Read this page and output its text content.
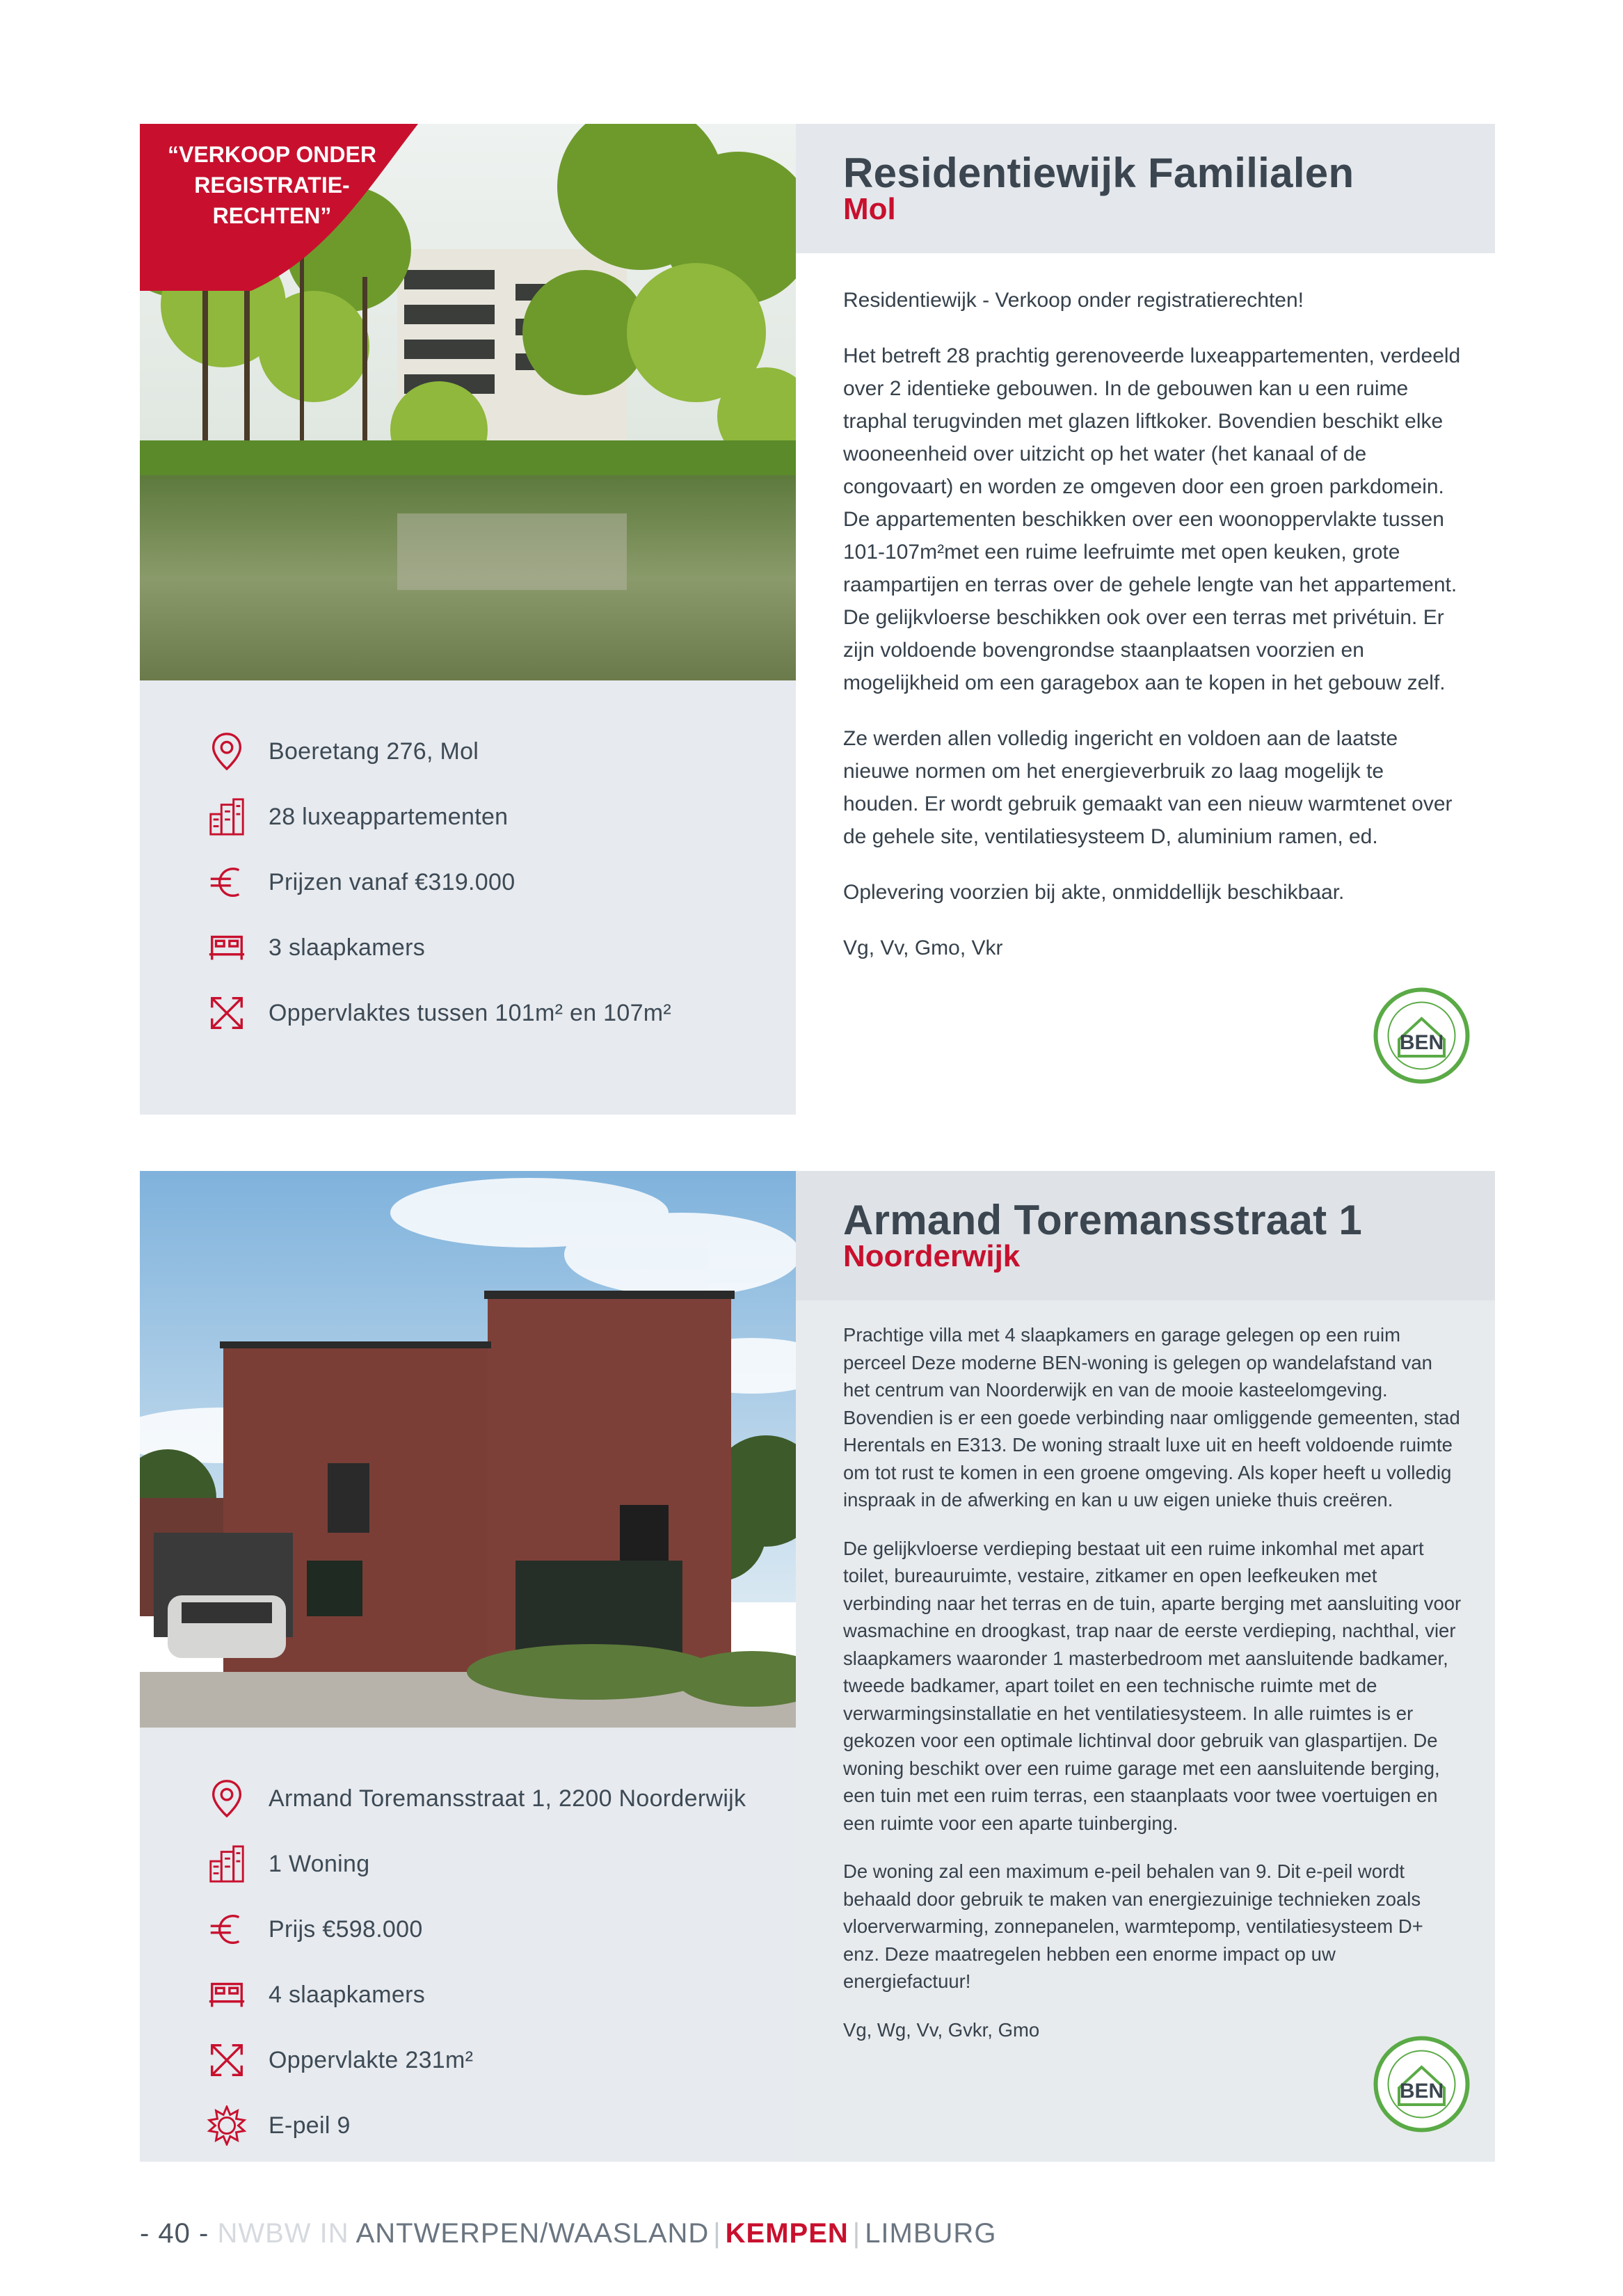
“VERKOOP ONDER REGISTRATIE-RECHTEN”
Boeretang 276, Mol
28 luxeappartementen
Prijzen vanaf €319.000
3 slaapkamers
Oppervlaktes tussen 101m² en 107m²
Residentiewijk Familialen
Mol

Residentiewijk - Verkoop onder registratierechten!

Het betreft 28 prachtig gerenoveerde luxeappartementen, verdeeld over 2 identieke gebouwen. In de gebouwen kan u een ruime traphal terugvinden met glazen liftkoker. Bovendien beschikt elke wooneenheid over uitzicht op het water (het kanaal of de congovaart) en worden ze omgeven door een groen parkdomein. De appartementen beschikken over een woonoppervlakte tussen 101-107m²met een ruime leefruimte met open keuken, grote raampartijen en terras over de gehele lengte van het appartement. De gelijkvloerse beschikken ook over een terras met privétuin. Er zijn voldoende bovengrondse staanplaatsen voorzien en mogelijkheid om een garagebox aan te kopen in het gebouw zelf.

Ze werden allen volledig ingericht en voldoen aan de laatste nieuwe normen om het energieverbruik zo laag mogelijk te houden. Er wordt gebruik gemaakt van een nieuw warmtenet over de gehele site, ventilatiesysteem D, aluminium ramen, ed.

Oplevering voorzien bij akte, onmiddellijk beschikbaar.

Vg, Vv, Gmo, Vkr

BEN
Armand Toremansstraat 1, 2200 Noorderwijk
1 Woning
Prijs €598.000
4 slaapkamers
Oppervlakte 231m²
E-peil 9
Armand Toremansstraat 1
Noorderwijk

Prachtige villa met 4 slaapkamers en garage gelegen op een ruim perceel Deze moderne BEN-woning is gelegen op wandelafstand van het centrum van Noorderwijk en van de mooie kasteelomgeving. Bovendien is er een goede verbinding naar omliggende gemeenten, stad Herentals en E313. De woning straalt luxe uit en heeft voldoende ruimte om tot rust te komen in een groene omgeving. Als koper heeft u volledig inspraak in de afwerking en kan u uw eigen unieke thuis creëren.

De gelijkvloerse verdieping bestaat uit een ruime inkomhal met apart toilet, bureauruimte, vestaire, zitkamer en open leefkeuken met verbinding naar het terras en de tuin, aparte berging met aansluiting voor wasmachine en droogkast, trap naar de eerste verdieping, nachthal, vier slaapkamers waaronder 1 masterbedroom met aansluitende badkamer, tweede badkamer, apart toilet en een technische ruimte met de verwarmingsinstallatie en het ventilatiesysteem. In alle ruimtes is er gekozen voor een optimale lichtinval door gebruik van glaspartijen. De woning beschikt over een ruime garage met een aansluitende berging, een tuin met een ruim terras, een staanplaats voor twee voertuigen en een ruimte voor een aparte tuinberging.

De woning zal een maximum e-peil behalen van 9. Dit e-peil wordt behaald door gebruik te maken van energiezuinige technieken zoals vloerverwarming, zonnepanelen, warmtepomp, ventilatiesysteem D+ enz. Deze maatregelen hebben een enorme impact op uw energiefactuur!

Vg, Wg, Vv, Gvkr, Gmo

BEN
- 40 - NWBW IN ANTWERPEN/WAASLAND | KEMPEN | LIMBURG
